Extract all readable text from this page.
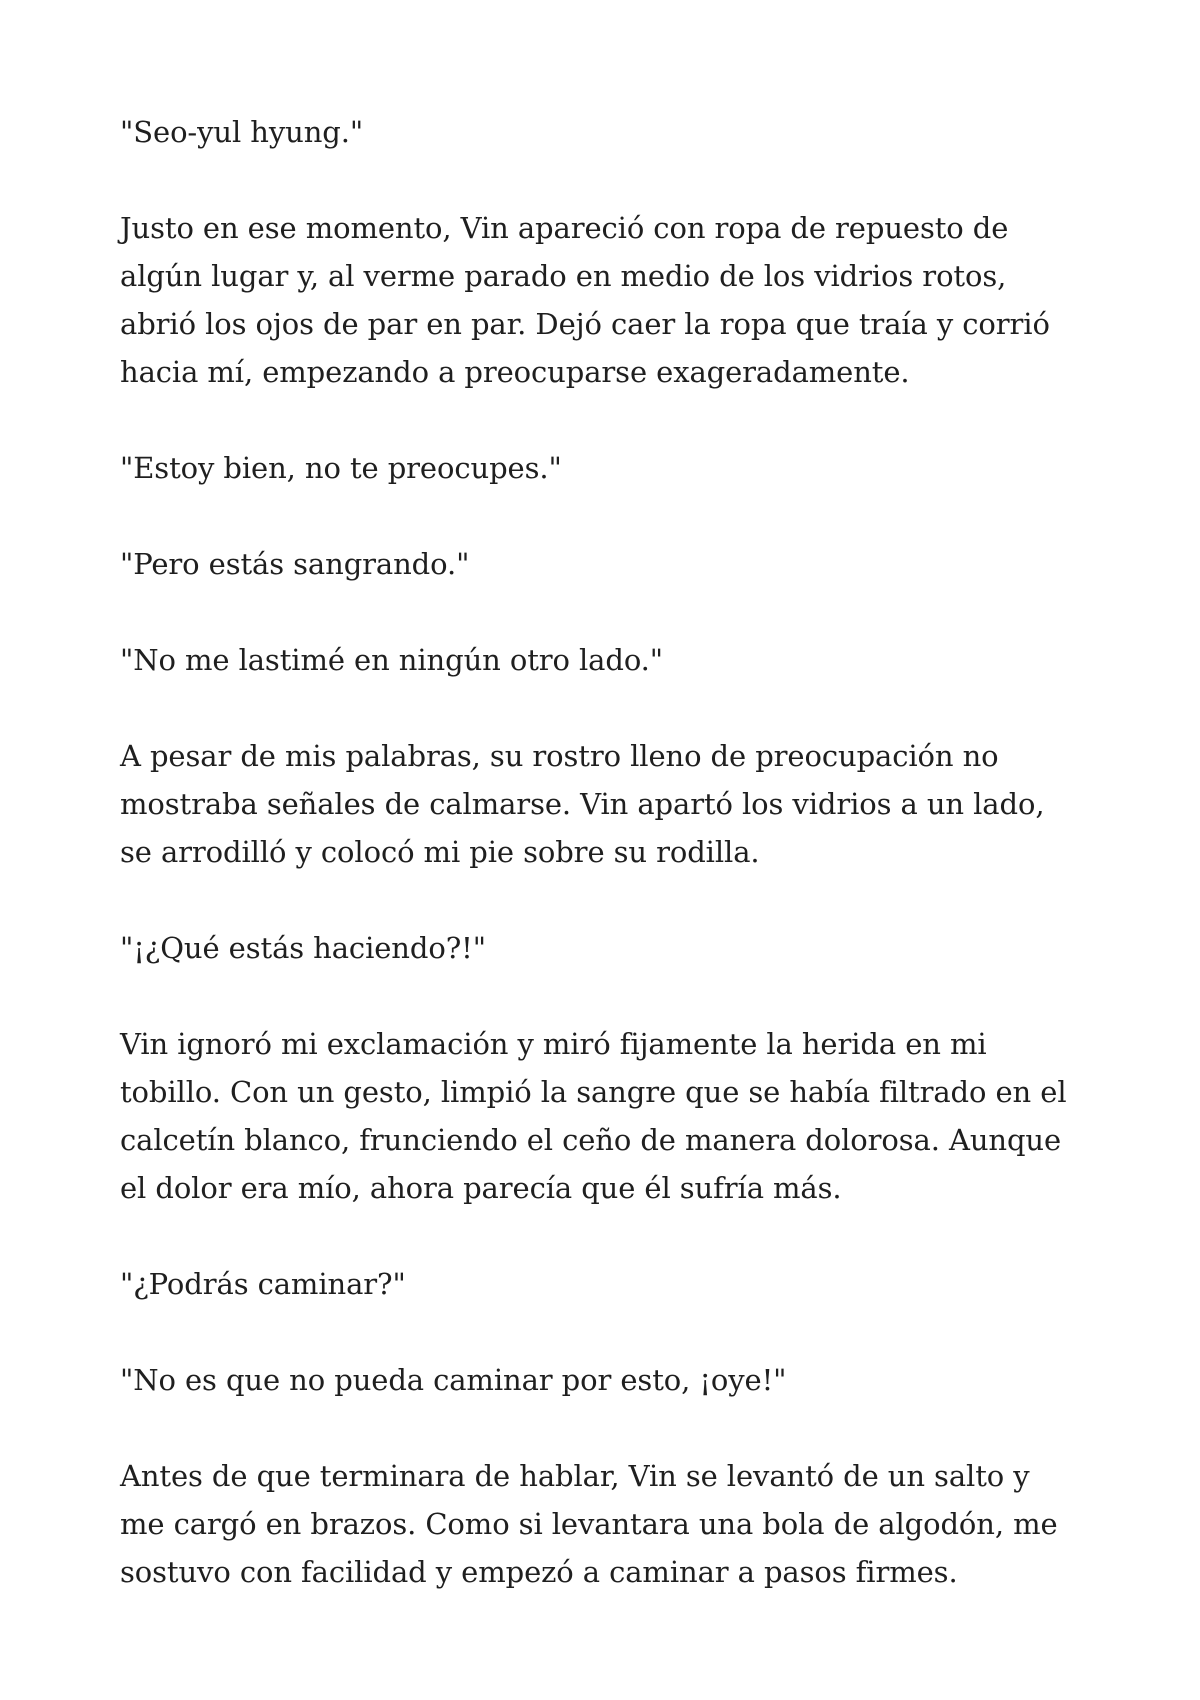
"Seo-yul hyung."

Justo en ese momento, Vin apareció con ropa de repuesto de algún lugar y, al verme parado en medio de los vidrios rotos, abrió los ojos de par en par. Dejó caer la ropa que traía y corrió hacia mí, empezando a preocuparse exageradamente.

"Estoy bien, no te preocupes."

"Pero estás sangrando."

"No me lastimé en ningún otro lado."

A pesar de mis palabras, su rostro lleno de preocupación no mostraba señales de calmarse. Vin apartó los vidrios a un lado, se arrodilló y colocó mi pie sobre su rodilla.

"¡¿Qué estás haciendo?!"

Vin ignoró mi exclamación y miró fijamente la herida en mi tobillo. Con un gesto, limpió la sangre que se había filtrado en el calcetín blanco, frunciendo el ceño de manera dolorosa. Aunque el dolor era mío, ahora parecía que él sufría más.

"¿Podrás caminar?"

"No es que no pueda caminar por esto, ¡oye!"

Antes de que terminara de hablar, Vin se levantó de un salto y me cargó en brazos. Como si levantara una bola de algodón, me sostuvo con facilidad y empezó a caminar a pasos firmes.
